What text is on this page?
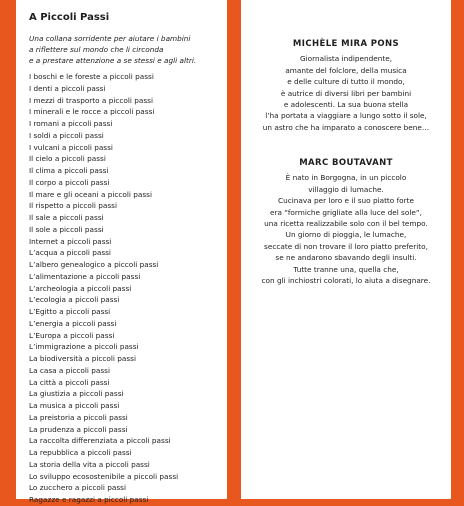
A Piccoli Passi

Una collana sorridente per aiutare i bambini
a riflettere sul mondo che li circonda
e a prestare attenzione a se stessi e agli altri.

I boschi e le foreste a piccoli passi
I denti a piccoli passi
I mezzi di trasporto a piccoli passi
I minerali e le rocce a piccoli passi
I romani a piccoli passi
I soldi a piccoli passi
I vulcani a piccoli passi
Il cielo a piccoli passi
Il clima a piccoli passi
Il corpo a piccoli passi
Il mare e gli oceani a piccoli passi
Il rispetto a piccoli passi
Il sale a piccoli passi
Il sole a piccoli passi
Internet a piccoli passi
L’acqua a piccoli passi
L’albero genealogico a piccoli passi
L’alimentazione a piccoli passi
L’archeologia a piccoli passi
L’ecologia a piccoli passi
L’Egitto a piccoli passi
L’energia a piccoli passi
L’Europa a piccoli passi
L’immigrazione a piccoli passi
La biodiversità a piccoli passi
La casa a piccoli passi
La città a piccoli passi
La giustizia a piccoli passi
La musica a piccoli passi
La preistoria a piccoli passi
La prudenza a piccoli passi
La raccolta differenziata a piccoli passi
La repubblica a piccoli passi
La storia della vita a piccoli passi
Lo sviluppo ecosostenibile a piccoli passi
Lo zucchero a piccoli passi
Ragazze e ragazzi a piccoli passi
MICHÈLE MIRA PONS
Giornalista indipendente,
amante del folclore, della musica
e delle culture di tutto il mondo,
è autrice di diversi libri per bambini
e adolescenti. La sua buona stella
l’ha portata a viaggiare a lungo sotto il sole,
un astro che ha imparato a conoscere bene…
MARC BOUTAVANT
È nato in Borgogna, in un piccolo
villaggio di lumache.
Cucinava per loro e il suo piatto forte
era “formiche grigliate alla luce del sole”,
una ricetta realizzabile solo con il bel tempo.
Un giorno di pioggia, le lumache,
seccate di non trovare il loro piatto preferito,
se ne andarono sbavando degli insulti.
Tutte tranne una, quella che,
con gli inchiostri colorati, lo aiuta a disegnare.
